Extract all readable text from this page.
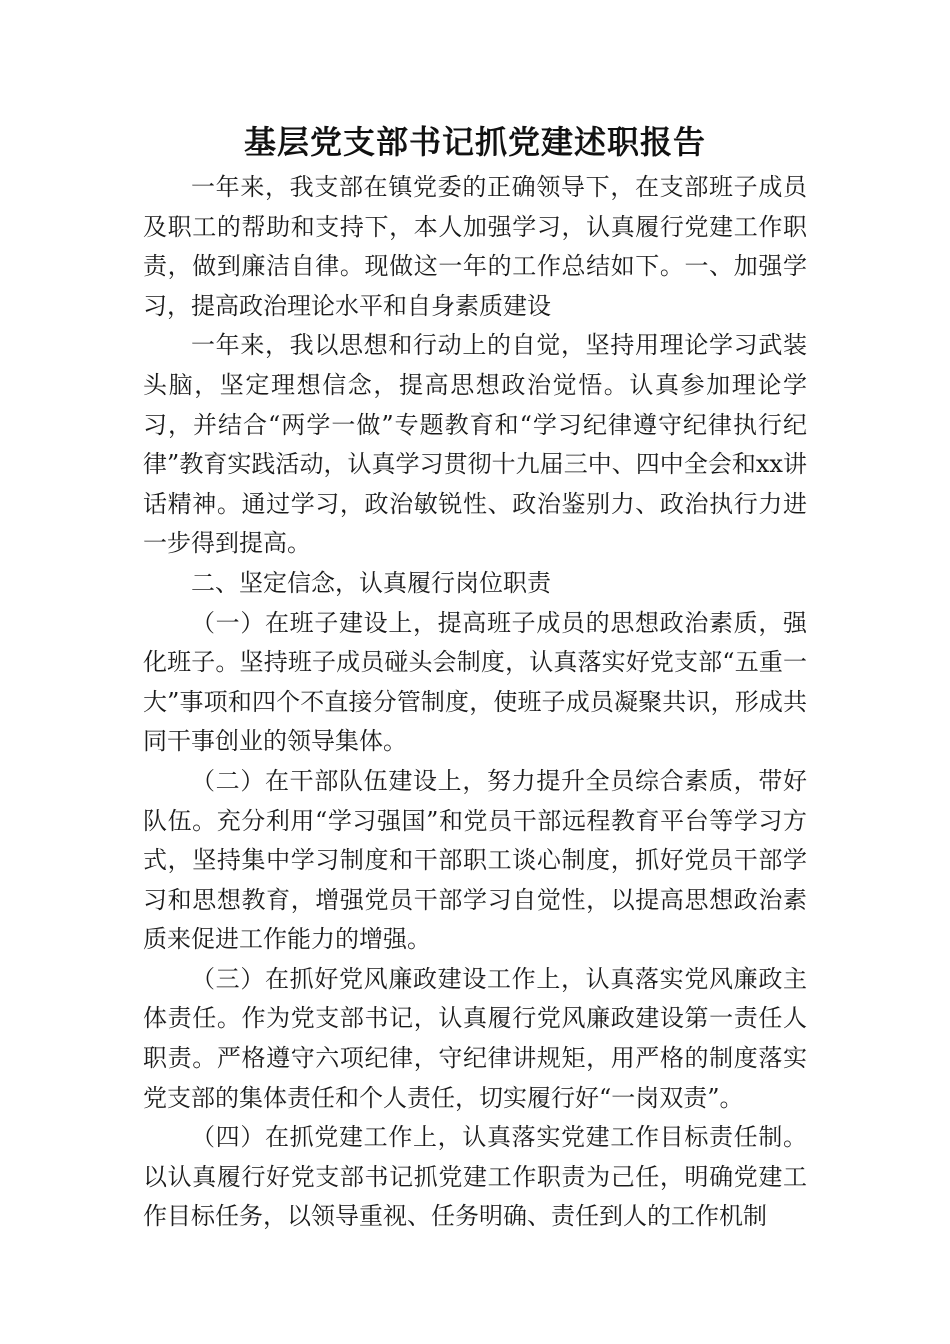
基层党支部书记抓党建述职报告

一年来，我支部在镇党委的正确领导下，在支部班子成员及职工的帮助和支持下，本人加强学习，认真履行党建工作职责，做到廉洁自律。现做这一年的工作总结如下。一、加强学习，提高政治理论水平和自身素质建设

一年来，我以思想和行动上的自觉，坚持用理论学习武装头脑，坚定理想信念，提高思想政治觉悟。认真参加理论学习，并结合“两学一做”专题教育和“学习纪律遵守纪律执行纪律”教育实践活动，认真学习贯彻十九届三中、四中全会和xx讲话精神。通过学习，政治敏锐性、政治鉴别力、政治执行力进一步得到提高。

二、坚定信念，认真履行岗位职责

（一）在班子建设上，提高班子成员的思想政治素质，强化班子。坚持班子成员碰头会制度，认真落实好党支部“五重一大”事项和四个不直接分管制度，使班子成员凝聚共识，形成共同干事创业的领导集体。

（二）在干部队伍建设上，努力提升全员综合素质，带好队伍。充分利用“学习强国”和党员干部远程教育平台等学习方式，坚持集中学习制度和干部职工谈心制度，抓好党员干部学习和思想教育，增强党员干部学习自觉性，以提高思想政治素质来促进工作能力的增强。

（三）在抓好党风廉政建设工作上，认真落实党风廉政主体责任。作为党支部书记，认真履行党风廉政建设第一责任人职责。严格遵守六项纪律，守纪律讲规矩，用严格的制度落实党支部的集体责任和个人责任，切实履行好“一岗双责”。

（四）在抓党建工作上，认真落实党建工作目标责任制。以认真履行好党支部书记抓党建工作职责为己任，明确党建工作目标任务，以领导重视、任务明确、责任到人的工作机制
